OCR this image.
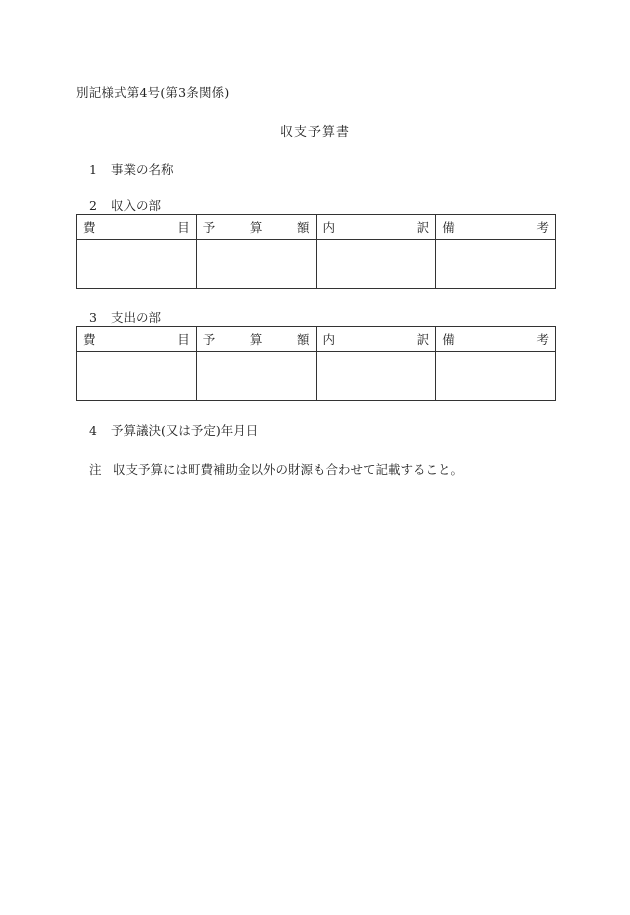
別記様式第4号(第3条関係)
収支予算書
1 事業の名称
2 収入の部
費 目	予 算 額	内 訳	備 考

3 支出の部
費 目	予 算 額	内 訳	備 考

4 予算議決(又は予定)年月日
注 収支予算には町費補助金以外の財源も合わせて記載すること。
